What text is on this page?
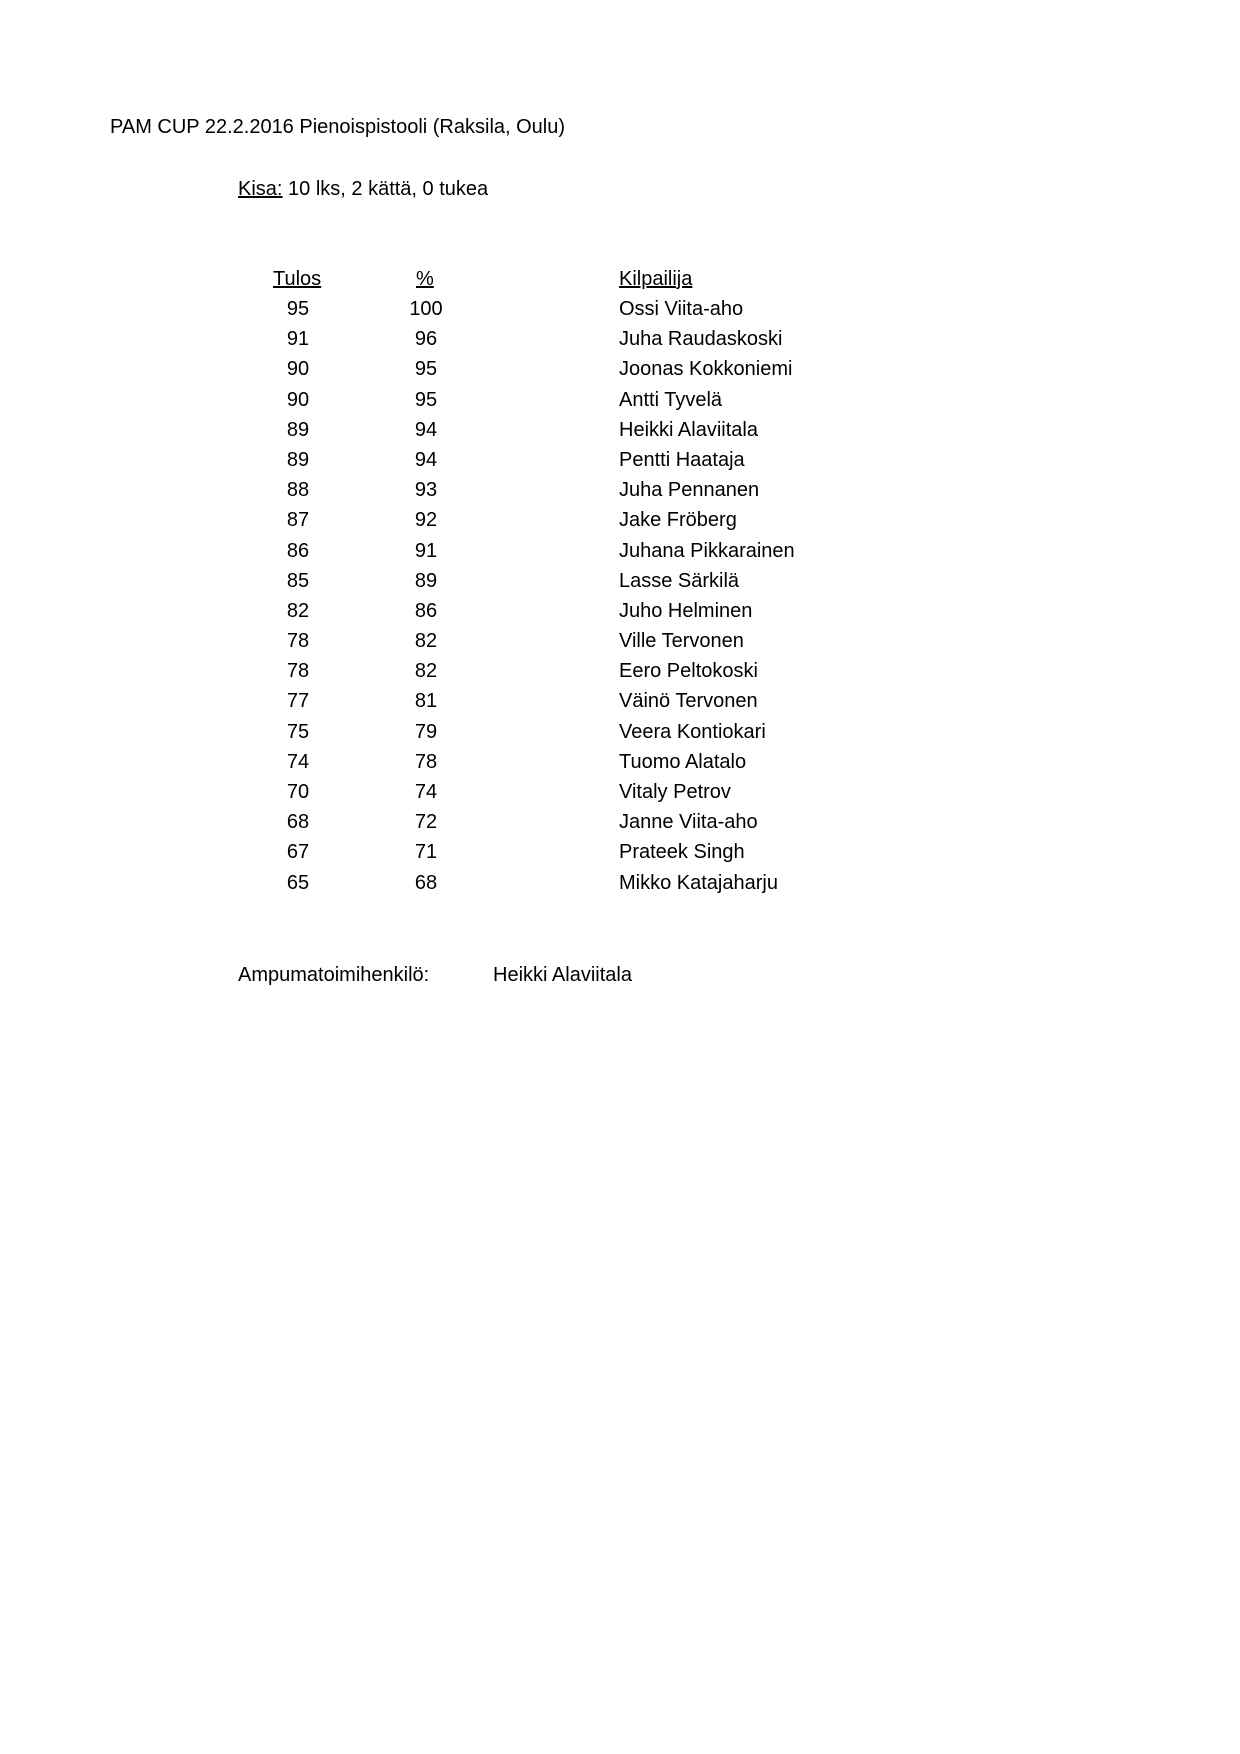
PAM CUP 22.2.2016 Pienoispistooli (Raksila, Oulu)
Kisa: 10 lks, 2 kättä, 0 tukea
Tulos	%	Kilpailija
95	100	Ossi Viita-aho
91	96	Juha Raudaskoski
90	95	Joonas Kokkoniemi
90	95	Antti Tyvelä
89	94	Heikki Alaviitala
89	94	Pentti Haataja
88	93	Juha Pennanen
87	92	Jake Fröberg
86	91	Juhana Pikkarainen
85	89	Lasse Särkilä
82	86	Juho Helminen
78	82	Ville Tervonen
78	82	Eero Peltokoski
77	81	Väinö Tervonen
75	79	Veera Kontiokari
74	78	Tuomo Alatalo
70	74	Vitaly Petrov
68	72	Janne Viita-aho
67	71	Prateek Singh
65	68	Mikko Katajaharju
Ampumatoimihenkilö:	Heikki Alaviitala
